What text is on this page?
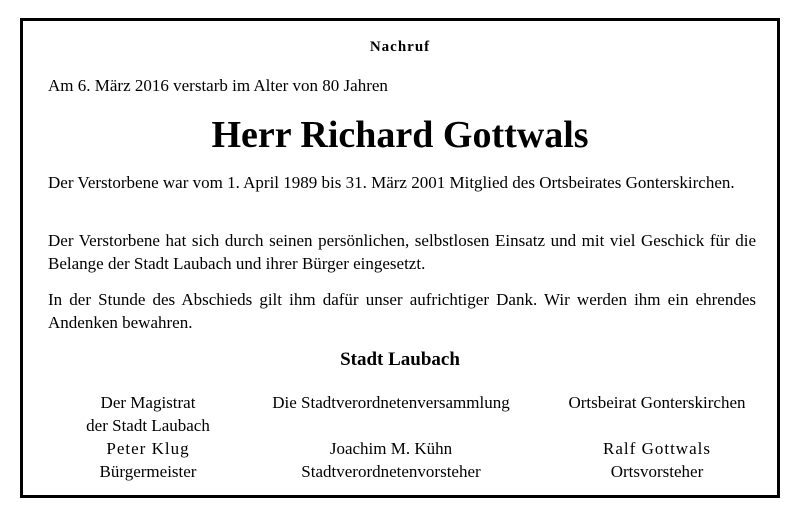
Nachruf
Am 6. März 2016 verstarb im Alter von 80 Jahren
Herr Richard Gottwals
Der Verstorbene war vom 1. April 1989 bis 31. März 2001 Mitglied des Ortsbeirates Gonterskirchen.
Der Verstorbene hat sich durch seinen persönlichen, selbstlosen Einsatz und mit viel Geschick für die Belange der Stadt Laubach und ihrer Bürger eingesetzt.
In der Stunde des Abschieds gilt ihm dafür unser aufrichtiger Dank. Wir werden ihm ein ehrendes Andenken bewahren.
Stadt Laubach
Der Magistrat
der Stadt Laubach
Peter Klug
Bürgermeister
Die Stadtverordnetenversammlung
Joachim M. Kühn
Stadtverordnetenvorsteher
Ortsbeirat Gonterskirchen
Ralf Gottwals
Ortsvorsteher
